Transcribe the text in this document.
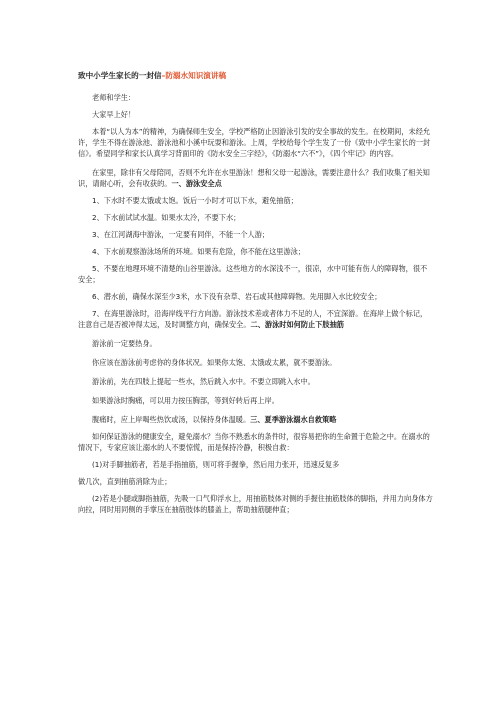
致中小学生家长的一封信–防溺水知识演讲稿

老师和学生：

大家早上好！

本着“以人为本”的精神，为确保师生安全，学校严格防止因游泳引发的安全事故的发生。在校期间，未经允许，学生不得在游泳池、游泳池和小溪中玩耍和游泳。上周，学校给每个学生发了一份《致中小学生家长的一封信》。希望同学和家长认真学习背面印的《防水安全三字经》，《防溺水“六不”》，《四个牢记》的内容。

在家里，除非有父母陪同，否则不允许在水里游泳！想和父母一起游泳，需要注意什么？我们收集了相关知识，请耐心听，会有收获的。一、游泳安全点

1、下水时不要太饿或太饱。饭后一小时才可以下水，避免抽筋；

2、下水前试试水温。如果水太冷，不要下水；

3、在江河湖海中游泳，一定要有同伴，不能一个人游；

4、下水前观察游泳场所的环境。如果有危险，你不能在这里游泳；

5、不要在地理环境不清楚的山谷里游泳。这些地方的水深浅不一，很凉，水中可能有伤人的障碍物，很不安全；

6、潜水前，确保水深至少3米，水下没有杂草、岩石或其他障碍物。先用脚入水比较安全；

7、在海里游泳时，沿海岸线平行方向游。游泳技术差或者体力不足的人，不宜深游。在海岸上做个标记，注意自己是否被冲得太远，及时调整方向，确保安全。二、游泳时如何防止下肢抽筋

游泳前一定要热身。

你应该在游泳前考虑你的身体状况。如果你太饱、太饿或太累，就不要游泳。

游泳前，先在四肢上提起一些水，然后跳入水中。不要立即跳入水中。

如果游泳时胸痛，可以用力按压胸部，等到好转后再上岸。

腹痛时，应上岸喝些热饮或汤，以保持身体温暖。三、夏季游泳溺水自救策略

如何保证游泳的健康安全，避免溺水？当你不熟悉水的条件时，很容易把你的生命置于危险之中。在溺水的情况下，专家应该让溺水的人不要惊慌，而是保持冷静，积极自救：

(1)对手脚抽筋者，若是手指抽筋，则可将手握拳，然后用力张开，迅速反复多

做几次，直到抽筋消除为止；

(2)若是小腿或脚指抽筋，先吸一口气仰浮水上，用抽筋肢体对侧的手握住抽筋肢体的脚指，并用力向身体方向拉，同时用同侧的手掌压在抽筋肢体的膝盖上，帮助抽筋腿伸直；
